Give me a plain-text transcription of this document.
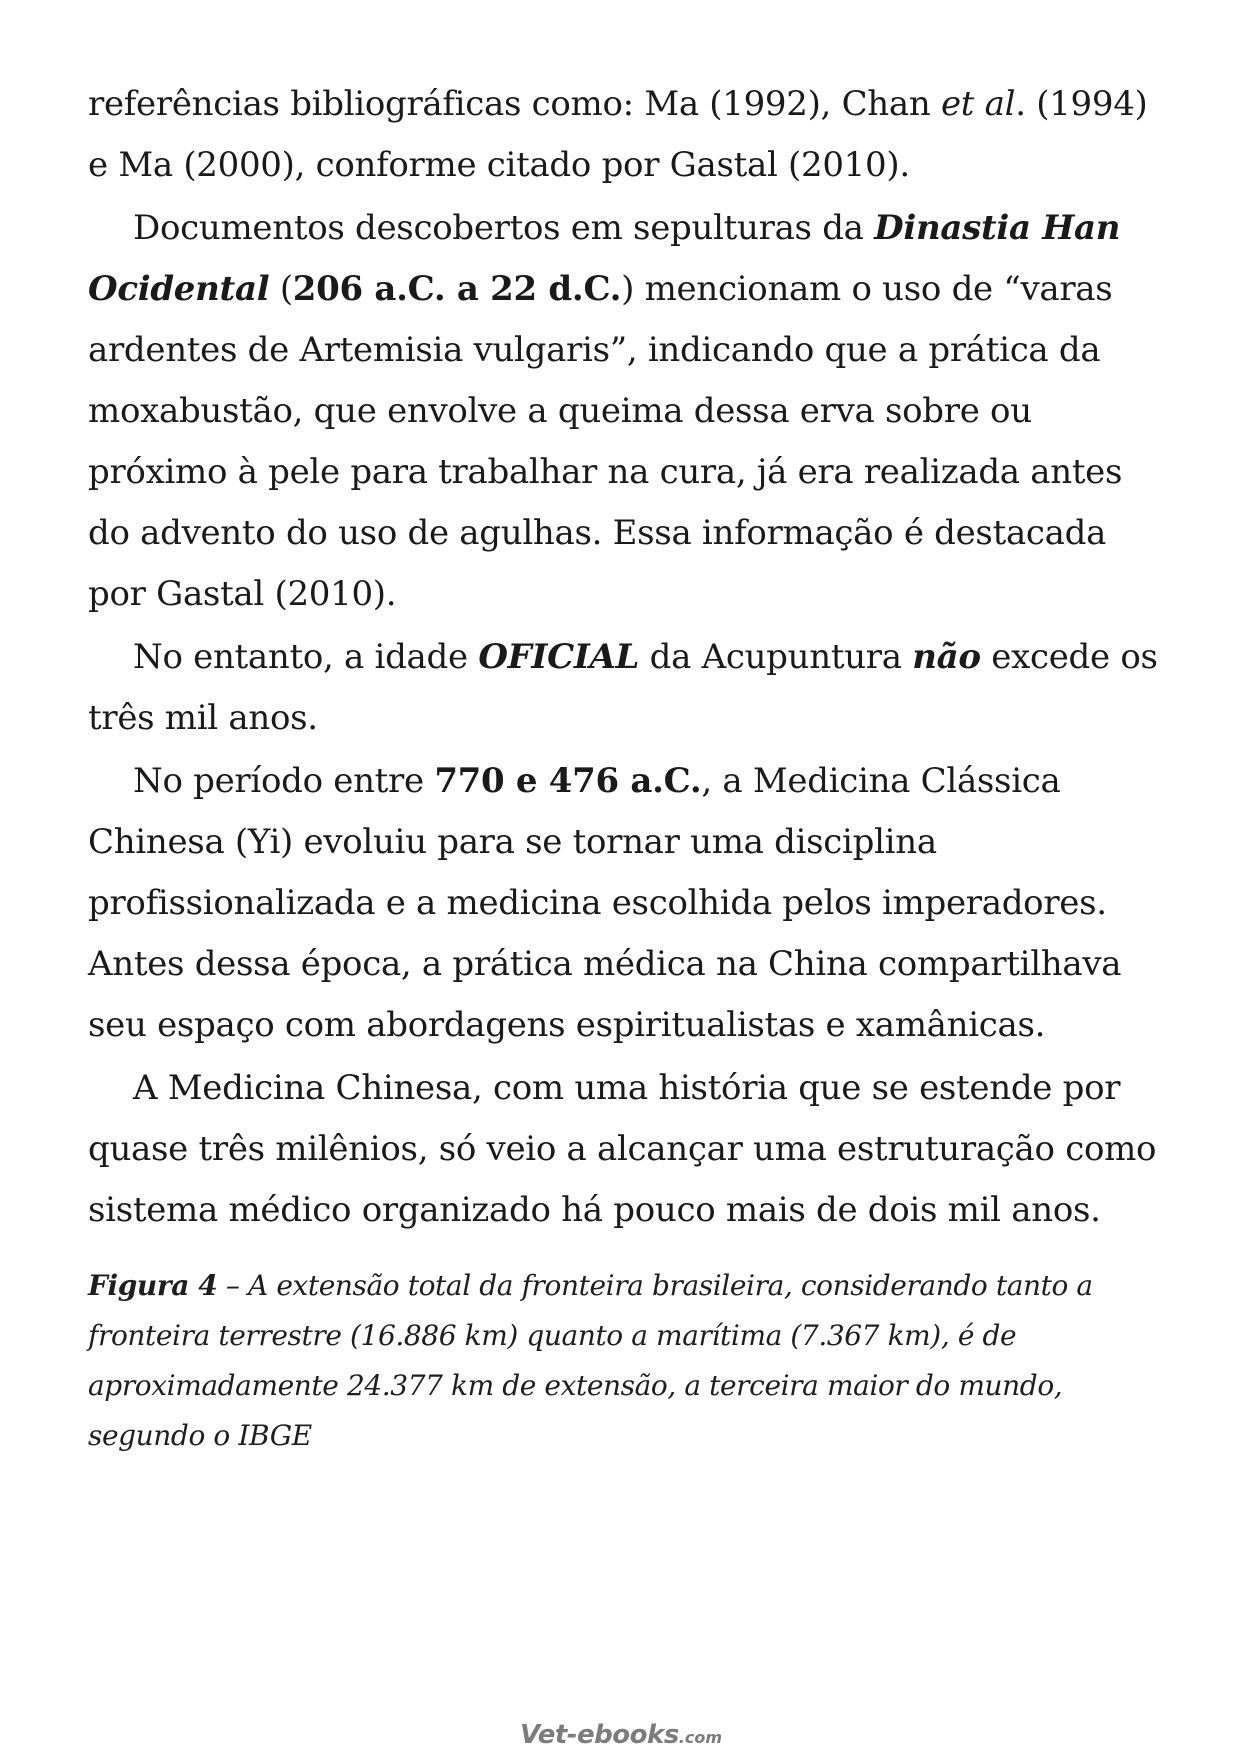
referências bibliográficas como: Ma (1992), Chan et al. (1994) e Ma (2000), conforme citado por Gastal (2010).

Documentos descobertos em sepulturas da Dinastia Han Ocidental (206 a.C. a 22 d.C.) mencionam o uso de “varas ardentes de Artemisia vulgaris”, indicando que a prática da moxabustão, que envolve a queima dessa erva sobre ou próximo à pele para trabalhar na cura, já era realizada antes do advento do uso de agulhas. Essa informação é destacada por Gastal (2010).

No entanto, a idade OFICIAL da Acupuntura não excede os três mil anos.

No período entre 770 e 476 a.C., a Medicina Clássica Chinesa (Yi) evoluiu para se tornar uma disciplina profissionalizada e a medicina escolhida pelos imperadores. Antes dessa época, a prática médica na China compartilhava seu espaço com abordagens espiritualistas e xamânicas.

A Medicina Chinesa, com uma história que se estende por quase três milênios, só veio a alcançar uma estruturação como sistema médico organizado há pouco mais de dois mil anos.

Figura 4 – A extensão total da fronteira brasileira, considerando tanto a fronteira terrestre (16.886 km) quanto a marítima (7.367 km), é de aproximadamente 24.377 km de extensão, a terceira maior do mundo, segundo o IBGE

Vet-ebooks.com
